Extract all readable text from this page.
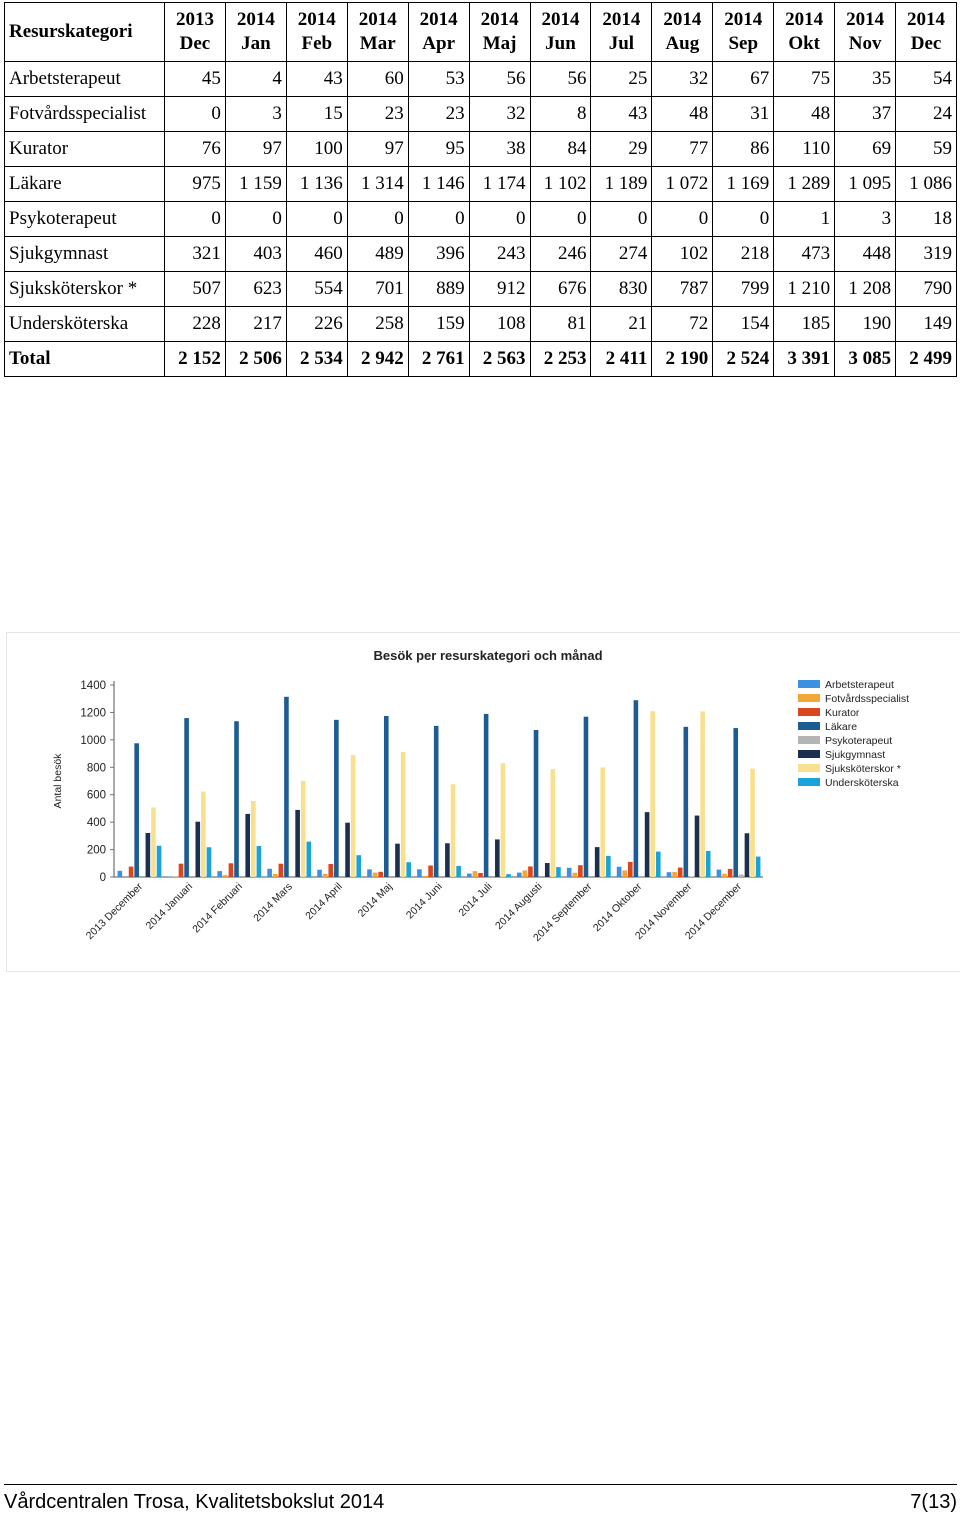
Resurskategori	2013 Dec	2014 Jan	2014 Feb	2014 Mar	2014 Apr	2014 Maj	2014 Jun	2014 Jul	2014 Aug	2014 Sep	2014 Okt	2014 Nov	2014 Dec
Arbetsterapeut	45	4	43	60	53	56	56	25	32	67	75	35	54
Fotvårdsspecialist	0	3	15	23	23	32	8	43	48	31	48	37	24
Kurator	76	97	100	97	95	38	84	29	77	86	110	69	59
Läkare	975	1 159	1 136	1 314	1 146	1 174	1 102	1 189	1 072	1 169	1 289	1 095	1 086
Psykoterapeut	0	0	0	0	0	0	0	0	0	0	1	3	18
Sjukgymnast	321	403	460	489	396	243	246	274	102	218	473	448	319
Sjuksköterskor *	507	623	554	701	889	912	676	830	787	799	1 210	1 208	790
Undersköterska	228	217	226	258	159	108	81	21	72	154	185	190	149
Total	2 152	2 506	2 534	2 942	2 761	2 563	2 253	2 411	2 190	2 524	3 391	3 085	2 499
Besök per resurskategori och månad
0
200
400
600
800
1000
1200
1400
Antal besök
2013 December
2014 Januari
2014 Februari 2014 Mars 2014 April 2014 Maj 2014 Juni 2014 Juli
2014 Augusti
2014 September
2014 Oktober
2014 November
2014 December
Arbetsterapeut
Fotvårdsspecialist
Kurator
Läkare
Psykoterapeut
Sjukgymnast
Sjuksköterskor *
Undersköterska
Vårdcentralen Trosa, Kvalitetsbokslut 2014	7(13)
